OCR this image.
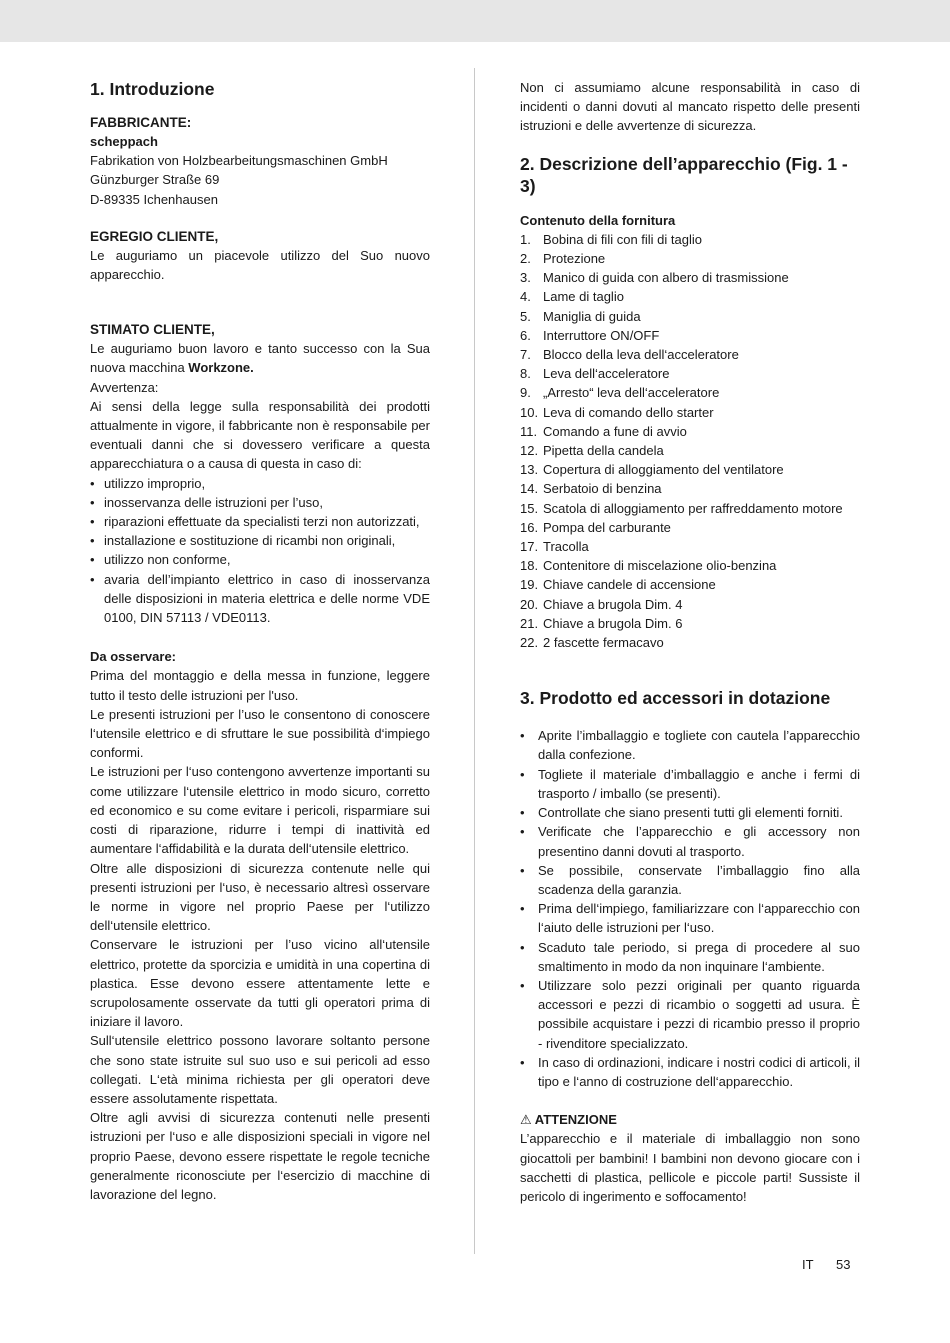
1. Introduzione
FABBRICANTE:

scheppach

Fabrikation von Holzbearbeitungsmaschinen GmbH

Günzburger Straße 69

D-89335 Ichenhausen

EGREGIO CLIENTE,

Le auguriamo un piacevole utilizzo del Suo nuovo apparecchio.

STIMATO CLIENTE,

Le auguriamo buon lavoro e tanto successo con la Sua nuova macchina Workzone.

Avvertenza:

Ai sensi della legge sulla responsabilità dei prodotti attualmente in vigore, il fabbricante non è responsabile per eventuali danni che si dovessero verificare a questa apparecchiatura o a causa di questa in caso di:

• utilizzo improprio,
• inosservanza delle istruzioni per l’uso,
• riparazioni effettuate da specialisti terzi non autorizzati,
• installazione e sostituzione di ricambi non originali,
• utilizzo non conforme,
• avaria dell’impianto elettrico in caso di inosservanza delle disposizioni in materia elettrica e delle norme VDE 0100, DIN 57113 / VDE0113.

Da osservare:

Prima del montaggio e della messa in funzione, leggere tutto il testo delle istruzioni per l'uso.

Le presenti istruzioni per l’uso le consentono di conoscere l‘utensile elettrico e di sfruttare le sue possibilità d‘impiego conformi.

Le istruzioni per l‘uso contengono avvertenze importanti su come utilizzare l‘utensile elettrico in modo sicuro, corretto ed economico e su come evitare i pericoli, risparmiare sui costi di riparazione, ridurre i tempi di inattività ed aumentare l‘affidabilità e la durata dell‘utensile elettrico.

Oltre alle disposizioni di sicurezza contenute nelle qui presenti istruzioni per l‘uso, è necessario altresì osservare le norme in vigore nel proprio Paese per l‘utilizzo dell‘utensile elettrico.

Conservare le istruzioni per l’uso vicino all‘utensile elettrico, protette da sporcizia e umidità in una copertina di plastica. Esse devono essere attentamente lette e scrupolosamente osservate da tutti gli operatori prima di iniziare il lavoro.

Sull‘utensile elettrico possono lavorare soltanto persone che sono state istruite sul suo uso e sui pericoli ad esso collegati. L‘età minima richiesta per gli operatori deve essere assolutamente rispettata.

Oltre agli avvisi di sicurezza contenuti nelle presenti istruzioni per l‘uso e alle disposizioni speciali in vigore nel proprio Paese, devono essere rispettate le regole tecniche generalmente riconosciute per l‘esercizio di macchine di lavorazione del legno.

Non ci assumiamo alcune responsabilità in caso di incidenti o danni dovuti al mancato rispetto delle presenti istruzioni e delle avvertenze di sicurezza.

2. Descrizione dell’apparecchio (Fig. 1 - 3)

Contenuto della fornitura

1. Bobina di fili con fili di taglio
2. Protezione
3. Manico di guida con albero di trasmissione
4. Lame di taglio
5. Maniglia di guida
6. Interruttore ON/OFF
7. Blocco della leva dell‘acceleratore
8. Leva dell‘acceleratore
9. „Arresto“ leva dell‘acceleratore
10. Leva di comando dello starter
11. Comando a fune di avvio
12. Pipetta della candela
13. Copertura di alloggiamento del ventilatore
14. Serbatoio di benzina
15. Scatola di alloggiamento per raffreddamento motore
16. Pompa del carburante
17. Tracolla
18. Contenitore di miscelazione olio-benzina
19. Chiave candele di accensione
20. Chiave a brugola Dim. 4
21. Chiave a brugola Dim. 6
22. 2 fascette fermacavo
3. Prodotto ed accessori in dotazione
• Aprite l’imballaggio e togliete con cautela l’apparecchio dalla confezione.
• Togliete il materiale d’imballaggio e anche i fermi di trasporto / imballo (se presenti).
• Controllate che siano presenti tutti gli elementi forniti.
• Verificate che l’apparecchio e gli accessory non presentino danni dovuti al trasporto.
• Se possibile, conservate l’imballaggio fino alla scadenza della garanzia.
• Prima dell‘impiego, familiarizzare con l‘apparecchio con l‘aiuto delle istruzioni per l‘uso.
• Scaduto tale periodo, si prega di procedere al suo smaltimento in modo da non inquinare l‘ambiente.
• Utilizzare solo pezzi originali per quanto riguarda accessori e pezzi di ricambio o soggetti ad usura. È possibile acquistare i pezzi di ricambio presso il proprio - rivenditore specializzato.
• In caso di ordinazioni, indicare i nostri codici di articoli, il tipo e l‘anno di costruzione dell‘apparecchio.

⚠ ATTENZIONE

L’apparecchio e il materiale di imballaggio non sono giocattoli per bambini! I bambini non devono giocare con i sacchetti di plastica, pellicole e piccole parti! Sussiste il pericolo di ingerimento e soffocamento!

IT 53
